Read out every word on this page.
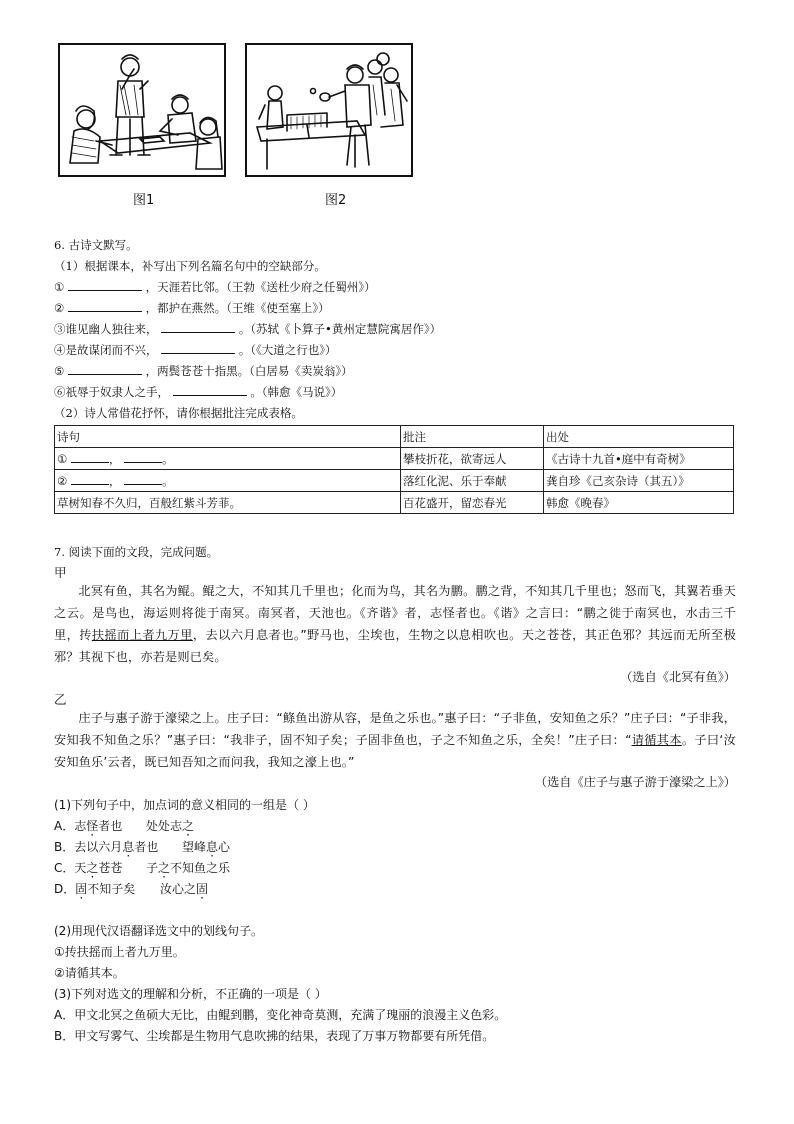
图1	图2
6. 古诗文默写。
（1）根据课本，补写出下列名篇名句中的空缺部分。
①	，天涯若比邻。（王勃《送杜少府之任蜀州》）
②	，都护在燕然。（王维《使至塞上》）
③谁见幽人独往来，	。（苏轼《卜算子•黄州定慧院寓居作》）
④是故谋闭而不兴，	。（《大道之行也》）
⑤	，两鬓苍苍十指黑。（白居易《卖炭翁》）
⑥祇辱于奴隶人之手，	。（韩愈《马说》）
（2）诗人常借花抒怀，请你根据批注完成表格。
诗句	批注	出处
① ， 。	攀枝折花，欲寄远人	《古诗十九首•庭中有奇树》
② ， 。	落红化泥、乐于奉献	龚自珍《己亥杂诗（其五）》
草树知春不久归，百般红紫斗芳菲。	百花盛开，留恋春光	韩愈《晚春》
7. 阅读下面的文段，完成问题。
甲

北冥有鱼，其名为鲲。鲲之大，不知其几千里也；化而为鸟，其名为鹏。鹏之背，不知其几千里也；怒而飞，其翼若垂天之云。是鸟也，海运则将徙于南冥。南冥者，天池也。《齐谐》者，志怪者也。《谐》之言曰：“鹏之徙于南冥也，水击三千里，抟扶摇而上者九万里，去以六月息者也。”野马也，尘埃也，生物之以息相吹也。天之苍苍，其正色邪？其远而无所至极邪？其视下也，亦若是则已矣。

（选自《北冥有鱼》）
乙

庄子与惠子游于濠梁之上。庄子曰：“鲦鱼出游从容，是鱼之乐也。”惠子曰：“子非鱼，安知鱼之乐？”庄子曰：“子非我，安知我不知鱼之乐？”惠子曰：“我非子，固不知子矣；子固非鱼也，子之不知鱼之乐，全矣！”庄子曰：“请循其本。子曰‘汝安知鱼乐’云者，既已知吾知之而问我，我知之濠上也。”

（选自《庄子与惠子游于濠梁之上》）
(1)下列句子中，加点词的意义相同的一组是（ ）
A．志怪者也 处处志之
B．去以六月息者也 望峰息心
C．天之苍苍 子之不知鱼之乐
D．固不知子矣 汝心之固
(2)用现代汉语翻译选文中的划线句子。
①抟扶摇而上者九万里。
②请循其本。
(3)下列对选文的理解和分析，不正确的一项是（ ）
A．甲文北冥之鱼硕大无比，由鲲到鹏，变化神奇莫测，充满了瑰丽的浪漫主义色彩。
B．甲文写雾气、尘埃都是生物用气息吹拂的结果，表现了万事万物都要有所凭借。
